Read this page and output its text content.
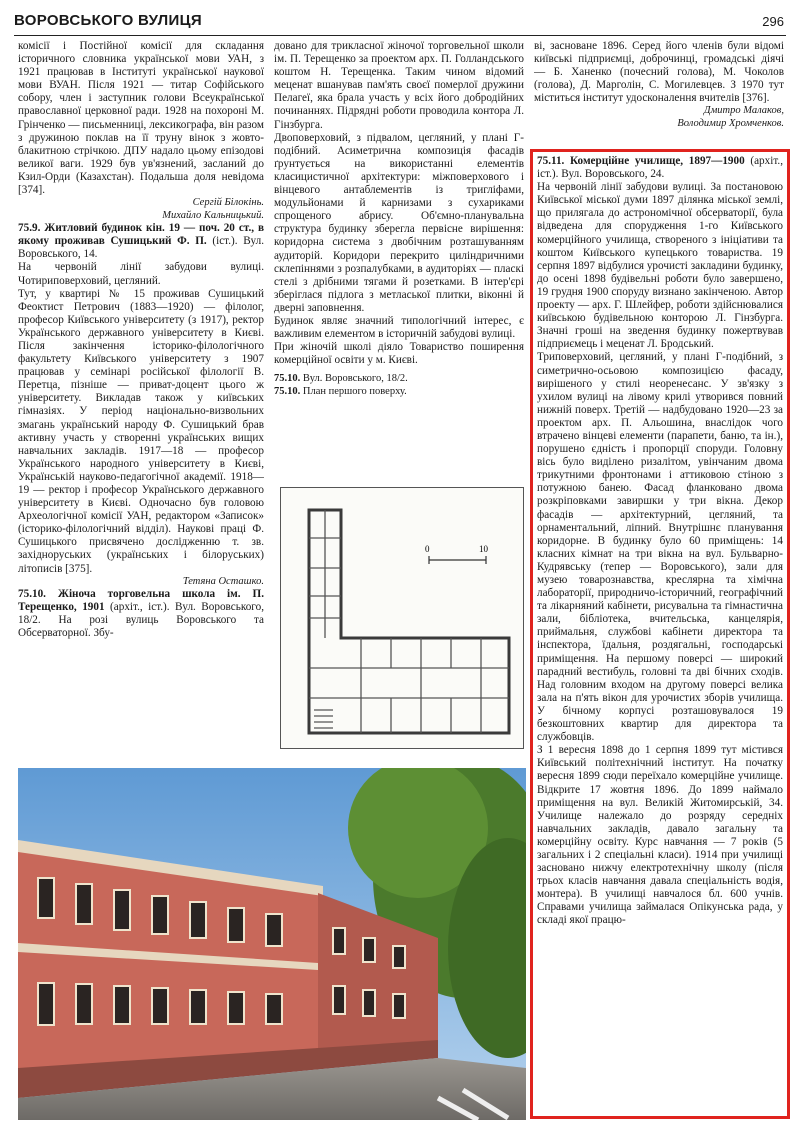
ВОРОВСЬКОГО ВУЛИЦЯ	296

комісії і Постійної комісії для складання історичного словника української мови УАН, з 1921 працював в Інституті української наукової мови ВУАН. Після 1921 — титар Софійського собору, член і заступник голови Всеукраїнської православної церковної ради. 1928 на похороні М. Грінченко — письменниці, лексикографа, він разом з дружиною поклав на її труну вінок з жовто-блакитною стрічкою. ДПУ надало цьому епізодові великої ваги. 1929 був ув'язнений, засланий до Кзил-Орди (Казахстан). Подальша доля невідома [374].

Сергій Білокінь.

Михайло Кальницький.

75.9. Житловий будинок кін. 19 — поч. 20 ст., в якому проживав Сушицький Ф. П. (іст.). Вул. Воровського, 14.

На червоній лінії забудови вулиці. Чотириповерховий, цегляний.

Тут, у квартирі № 15 проживав Сушицький Феоктист Петрович (1883—1920) — філолог, професор Київського університету (з 1917), ректор Українського державного університету в Києві. Після закінчення історико-філологічного факультету Київського університету з 1907 працював у семінарі російської філології В. Перетца, пізніше — приват-доцент цього ж університету. Викладав також у київських гімназіях. У період національно-визвольних змагань український народу Ф. Сушицький брав активну участь у створенні українських вищих навчальних закладів. 1917—18 — професор Українського народного університету в Києві, Українській науково-педагогічної академії. 1918—19 — ректор і професор Українського державного університету в Києві. Одночасно був головою Археологічної комісії УАН, редактором «Записок» (історико-філологічний відділ). Наукові праці Ф. Сушицького присвячено дослідженню т. зв. західноруських (українських і білоруських) літописів [375].

Тетяна Осташко.

75.10. Жіноча торговельна школа ім. П. Терещенко, 1901 (архіт., іст.). Вул. Воровського, 18/2. На розі вулиць Воровського та Обсерваторної. Збу-

довано для трикласної жіночої торговельної школи ім. П. Терещенко за проектом арх. П. Голландського коштом Н. Терещенка. Таким чином відомий меценат вшанував пам'ять своєї померлої дружини Пелагеї, яка брала участь у всіх його добродійних починаннях. Підрядні роботи проводила контора Л. Гінзбурга.

Двоповерховий, з підвалом, цегляний, у плані Г-подібний. Асиметрична композиція фасадів ґрунтується на використанні елементів класицистичної архітектури: міжповерхового і вінцевого антаблементів із тригліфами, модульйонами й карнизами з сухариками спрощеного абрису. Об'ємно-планувальна структура будинку зберегла первісне вирішення: коридорна система з двобічним розташуванням аудиторій. Коридори перекрито циліндричними склепіннями з розпалубками, в аудиторіях — пласкі стелі з дрібними тягами й розетками. В інтер'єрі зберіглася підлога з метласької плитки, віконні й дверні заповнення.

Будинок являє значний типологічний інтерес, є важливим елементом в історичній забудові вулиці.

При жіночій школі діяло Товариство поширення комерційної освіти у м. Києві.

75.10. Вул. Воровського, 18/2.

75.10. План першого поверху.

0	10

ві, засноване 1896. Серед його членів були відомі київські підприємці, доброчинці, громадські діячі — Б. Ханенко (почесний голова), М. Чоколов (голова), Д. Марголін, С. Могилевцев. З 1970 тут міститься інститут удосконалення вчителів [376].

Дмитро Малаков,

Володимир Хромченков.

75.11. Комерційне училище, 1897—1900 (архіт., іст.). Вул. Воровського, 24.

На червоній лінії забудови вулиці. За постановою Київської міської думи 1897 ділянка міської землі, що прилягала до астрономічної обсерваторії, була відведена для спорудження 1-го Київського комерційного училища, створеного з ініціативи та коштом Київського купецького товариства. 19 серпня 1897 відбулися урочисті закладини будинку, до осені 1898 будівельні роботи було завершено, 19 грудня 1900 споруду визнано закінченою. Автор проекту — арх. Г. Шлейфер, роботи здійснювалися київською будівельною конторою Л. Гінзбурга. Значні гроші на зведення будинку пожертвував підприємець і меценат Л. Бродський.

Триповерховий, цегляний, у плані Г-подібний, з симетрично-осьовою композицією фасаду, вирішеного у стилі неоренесанс. У зв'язку з ухилом вулиці на лівому крилі утворився повний нижній поверх. Третій — надбудовано 1920—23 за проектом арх. П. Альошина, внаслідок чого втрачено вінцеві елементи (парапети, баню, та ін.), порушено єдність і пропорції споруди. Головну вісь було виділено ризалітом, увінчаним двома трикутними фронтонами і аттиковою стіною з потужною банею. Фасад фланковано двома розкріповками завиршки у три вікна. Декор фасадів — архітектурний, цегляний, та орнаментальний, ліпний. Внутрішнє планування коридорне. В будинку було 60 приміщень: 14 класних кімнат на три вікна на вул. Бульварно-Кудрявську (тепер — Воровського), зали для музею товарознавства, креслярна та хімічна лабораторії, природничо-історичний, географічний та лікарняний кабінети, рисувальна та гімнастична зали, бібліотека, вчительська, канцелярія, приймальня, службові кабінети директора та інспектора, їдальня, роздягальні, господарські приміщення. На першому поверсі — широкий парадний вестибуль, головні та дві бічних сходів. Над головним входом на другому поверсі велика зала на п'ять вікон для урочистих зборів училища. У бічному корпусі розташовувалося 19 безкоштовних квартир для директора та службовців.

З 1 вересня 1898 до 1 серпня 1899 тут містився Київський політехнічний інститут. На початку вересня 1899 сюди переїхало комерційне училище. Відкрите 17 жовтня 1896. До 1899 наймало приміщення на вул. Великій Житомирській, 34. Училище належало до розряду середніх навчальних закладів, давало загальну та комерційну освіту. Курс навчання — 7 років (5 загальних і 2 спеціальні класи). 1914 при училищі засновано нижчу електротехнічну школу (після трьох класів навчання давала спеціальність водія, монтера). В училищі навчалося бл. 600 учнів. Справами училища займалася Опікунська рада, у складі якої працю-
